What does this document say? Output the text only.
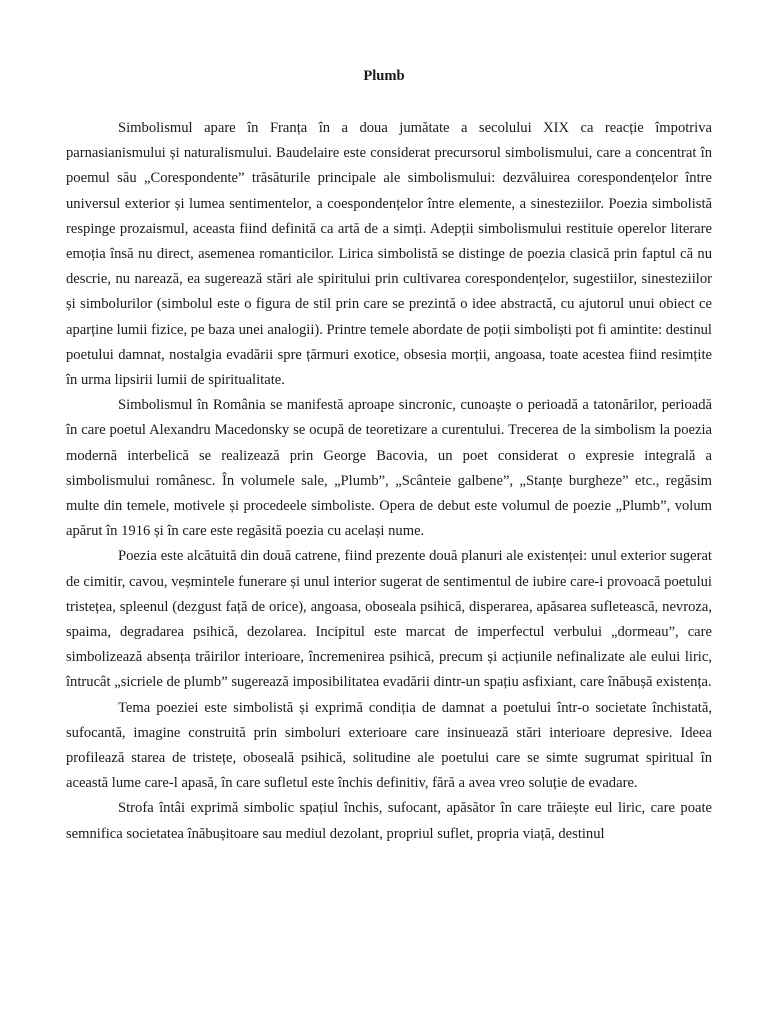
Plumb

Simbolismul apare în Franța în a doua jumătate a secolului XIX ca reacție împotriva parnasianismului și naturalismului. Baudelaire este considerat precursorul simbolismului, care a concentrat în poemul său „Corespondente” trăsăturile principale ale simbolismului: dezvăluirea corespondențelor între universul exterior și lumea sentimentelor, a coespondențelor între elemente, a sinesteziilor. Poezia simbolistă respinge prozaismul, aceasta fiind definită ca artă de a simți. Adepții simbolismului restituie operelor literare emoția însă nu direct, asemenea romanticilor. Lirica simbolistă se distinge de poezia clasică prin faptul că nu descrie, nu narează, ea sugerează stări ale spiritului prin cultivarea corespondențelor, sugestiilor, sinesteziilor și simbolurilor (simbolul este o figura de stil prin care se prezintă o idee abstractă, cu ajutorul unui obiect ce aparține lumii fizice, pe baza unei analogii). Printre temele abordate de poții simboliști pot fi amintite: destinul poetului damnat, nostalgia evadării spre țărmuri exotice, obsesia morții, angoasa, toate acestea fiind resimțite în urma lipsirii lumii de spiritualitate.

Simbolismul în România se manifestă aproape sincronic, cunoaște o perioadă a tatonărilor, perioadă în care poetul Alexandru Macedonsky se ocupă de teoretizare a curentului. Trecerea de la simbolism la poezia modernă interbelică se realizează prin George Bacovia, un poet considerat o expresie integrală a simbolismului românesc. În volumele sale, „Plumb”, „Scânteie galbene”, „Stanțe burgheze” etc., regăsim multe din temele, motivele și procedeele simboliste. Opera de debut este volumul de poezie „Plumb”, volum apărut în 1916 și în care este regăsită poezia cu același nume.

Poezia este alcătuită din două catrene, fiind prezente două planuri ale existenței: unul exterior sugerat de cimitir, cavou, veșmintele funerare și unul interior sugerat de sentimentul de iubire care-i provoacă poetului tristețea, spleenul (dezgust față de orice), angoasa, oboseala psihică, disperarea, apăsarea sufletească, nevroza, spaima, degradarea psihică, dezolarea. Incipitul este marcat de imperfectul verbului „dormeau”, care simbolizează absența trăirilor interioare, încremenirea psihică, precum și acțiunile nefinalizate ale eului liric, întrucât „sicriele de plumb” sugerează imposibilitatea evadării dintr-un spațiu asfixiant, care înăbușă existența.

Tema poeziei este simbolistă și exprimă condiția de damnat a poetului într-o societate închistată, sufocantă, imagine construită prin simboluri exterioare care insinuează stări interioare depresive. Ideea profilează starea de tristețe, oboseală psihică, solitudine ale poetului care se simte sugrumat spiritual în această lume care-l apasă, în care sufletul este închis definitiv, fără a avea vreo soluție de evadare.

Strofa întâi exprimă simbolic spațiul închis, sufocant, apăsător în care trăiește eul liric, care poate semnifica societatea înăbușitoare sau mediul dezolant, propriul suflet, propria viață, destinul
